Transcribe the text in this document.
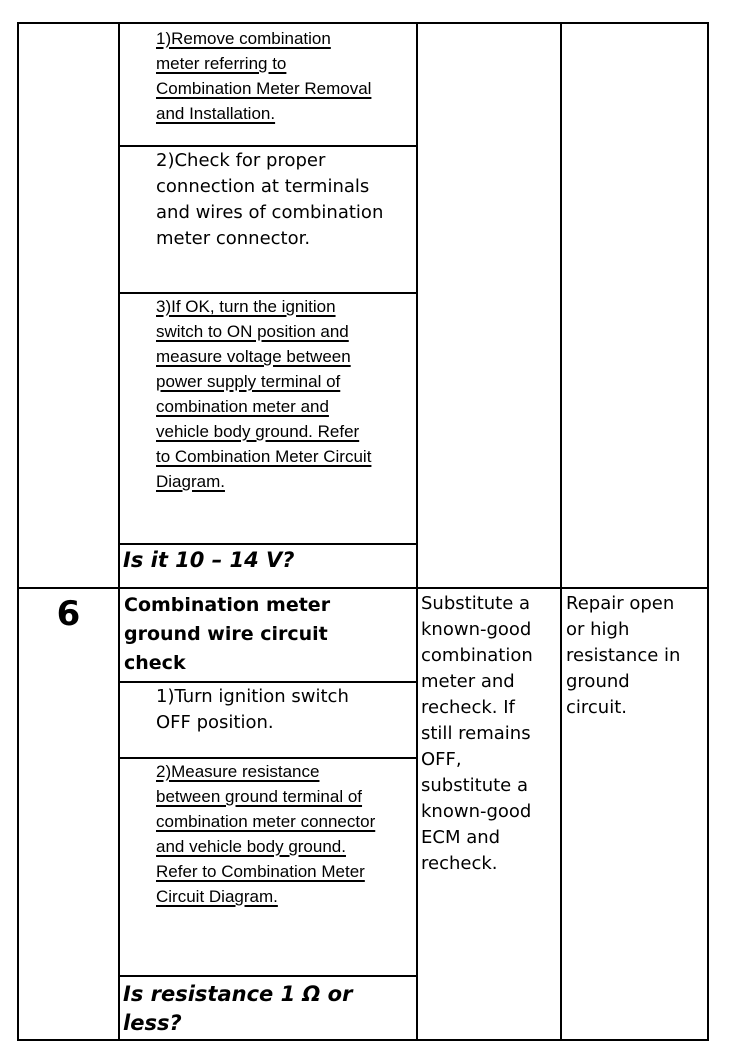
1)Remove combination
meter referring to
Combination Meter Removal
and Installation.
2)Check for proper
connection at terminals
and wires of combination
meter connector.
3)If OK, turn the ignition
switch to ON position and
measure voltage between
power supply terminal of
combination meter and
vehicle body ground. Refer
to Combination Meter Circuit
Diagram.
Is it 10 – 14 V?
6	Combination meter
ground wire circuit
check
1)Turn ignition switch
OFF position.
2)Measure resistance
between ground terminal of
combination meter connector
and vehicle body ground.
Refer to Combination Meter
Circuit Diagram.
Is resistance 1 Ω or
less?
Substitute a
known-good
combination
meter and
recheck. If
still remains
OFF,
substitute a
known-good
ECM and
recheck.
Repair open
or high
resistance in
ground
circuit.
